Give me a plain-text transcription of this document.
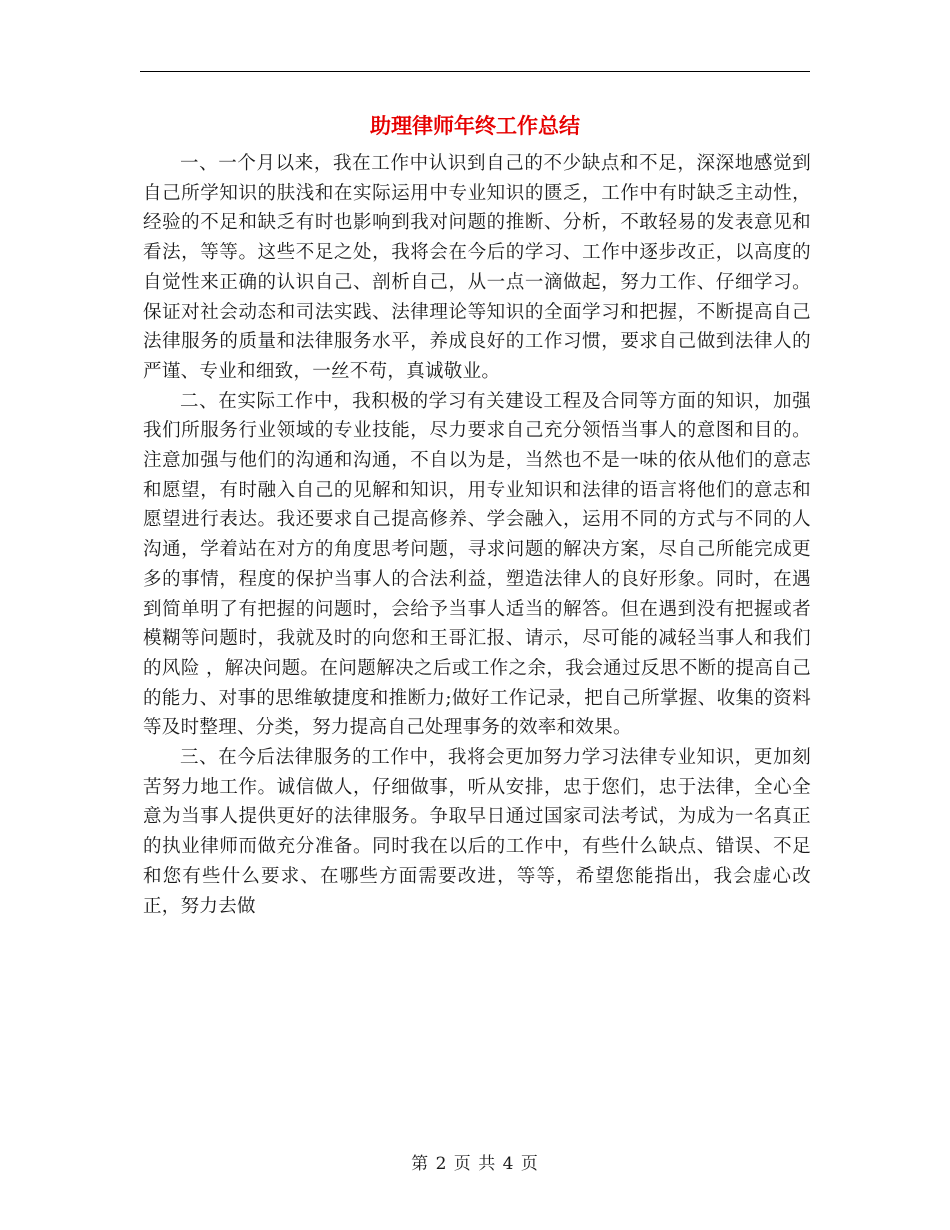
助理律师年终工作总结

一、一个月以来，我在工作中认识到自己的不少缺点和不足，深深地感觉到自己所学知识的肤浅和在实际运用中专业知识的匮乏，工作中有时缺乏主动性，经验的不足和缺乏有时也影响到我对问题的推断、分析，不敢轻易的发表意见和看法，等等。这些不足之处，我将会在今后的学习、工作中逐步改正，以高度的自觉性来正确的认识自己、剖析自己，从一点一滴做起，努力工作、仔细学习。保证对社会动态和司法实践、法律理论等知识的全面学习和把握，不断提高自己法律服务的质量和法律服务水平，养成良好的工作习惯，要求自己做到法律人的严谨、专业和细致，一丝不苟，真诚敬业。

二、在实际工作中，我积极的学习有关建设工程及合同等方面的知识，加强我们所服务行业领域的专业技能，尽力要求自己充分领悟当事人的意图和目的。注意加强与他们的沟通和沟通，不自以为是，当然也不是一味的依从他们的意志和愿望，有时融入自己的见解和知识，用专业知识和法律的语言将他们的意志和愿望进行表达。我还要求自己提高修养、学会融入，运用不同的方式与不同的人沟通，学着站在对方的角度思考问题，寻求问题的解决方案，尽自己所能完成更多的事情，程度的保护当事人的合法利益，塑造法律人的良好形象。同时，在遇到简单明了有把握的问题时，会给予当事人适当的解答。但在遇到没有把握或者模糊等问题时，我就及时的向您和王哥汇报、请示，尽可能的减轻当事人和我们的风险 ，解决问题。在问题解决之后或工作之余，我会通过反思不断的提高自己的能力、对事的思维敏捷度和推断力;做好工作记录，把自己所掌握、收集的资料等及时整理、分类，努力提高自己处理事务的效率和效果。

三、在今后法律服务的工作中，我将会更加努力学习法律专业知识，更加刻苦努力地工作。诚信做人，仔细做事，听从安排，忠于您们，忠于法律，全心全意为当事人提供更好的法律服务。争取早日通过国家司法考试，为成为一名真正的执业律师而做充分准备。同时我在以后的工作中，有些什么缺点、错误、不足和您有些什么要求、在哪些方面需要改进，等等，希望您能指出，我会虚心改正，努力去做

第 2 页 共 4 页
